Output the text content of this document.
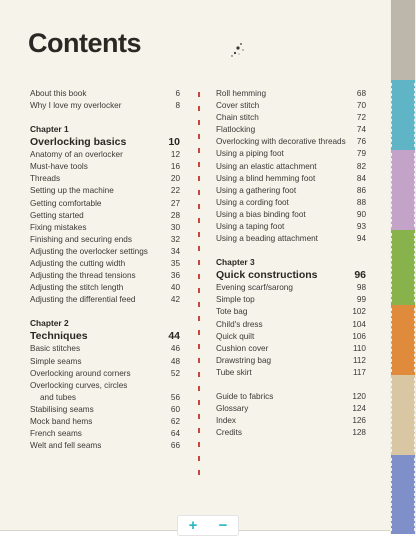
Contents
About this book	6
Why I love my overlocker	8
Chapter 1
Overlocking basics	10
Anatomy of an overlocker	12
Must-have tools	16
Threads	20
Setting up the machine	22
Getting comfortable	27
Getting started	28
Fixing mistakes	30
Finishing and securing ends	32
Adjusting the overlocker settings	34
Adjusting the cutting width	35
Adjusting the thread tensions	36
Adjusting the stitch length	40
Adjusting the differential feed	42
Chapter 2
Techniques	44
Basic stitches	46
Simple seams	48
Overlocking around corners	52
Overlocking curves, circles
and tubes	56
Stabilising seams	60
Mock band hems	62
French seams	64
Welt and fell seams	66
Roll hemming	68
Cover stitch	70
Chain stitch	72
Flatlocking	74
Overlocking with decorative threads 76
Using a piping foot	79
Using an elastic attachment	82
Using a blind hemming foot	84
Using a gathering foot	86
Using a cording foot	88
Using a bias binding foot	90
Using a taping foot	93
Using a beading attachment	94
Chapter 3
Quick constructions	96
Evening scarf/sarong	98
Simple top	99
Tote bag	102
Child's dress	104
Quick quilt	106
Cushion cover	110
Drawstring bag	112
Tube skirt	117
Guide to fabrics	120
Glossary	124
Index	126
Credits	128
+ −
